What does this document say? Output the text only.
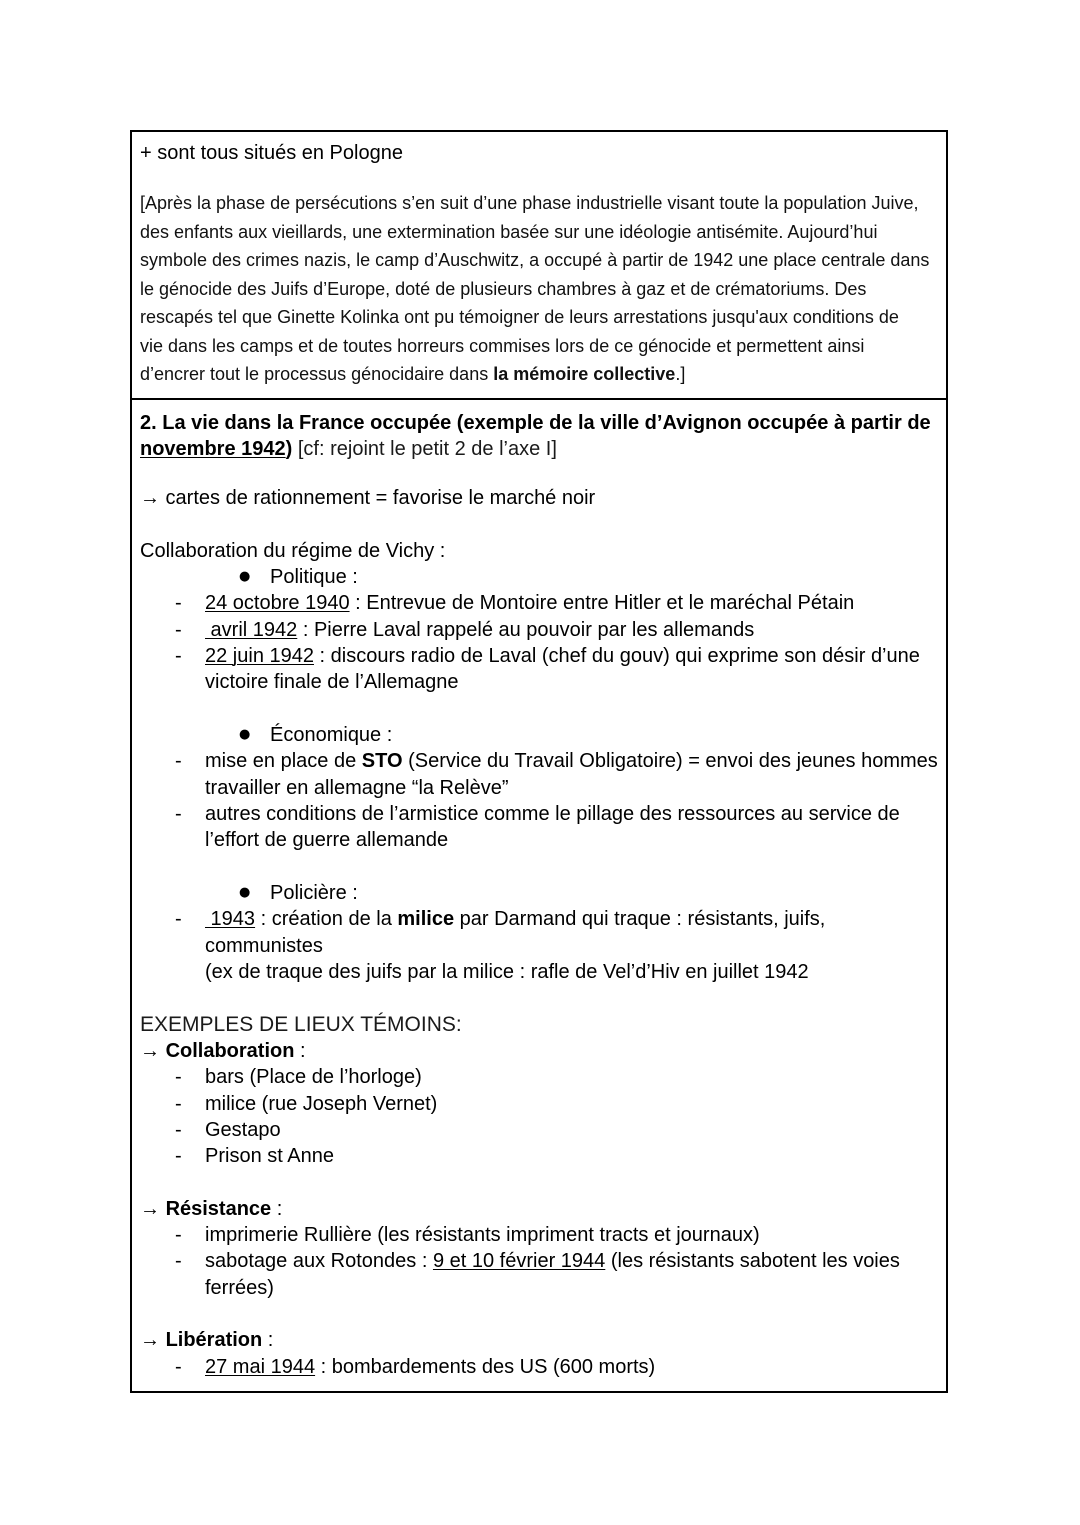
+ sont tous situés en Pologne
[Après la phase de persécutions s’en suit d’une phase industrielle visant toute la population Juive,
des enfants aux vieillards, une extermination basée sur une idéologie antisémite. Aujourd’hui
symbole des crimes nazis, le camp d’Auschwitz, a occupé à partir de 1942 une place centrale dans
le génocide des Juifs d’Europe, doté de plusieurs chambres à gaz et de crématoriums. Des
rescapés tel que Ginette Kolinka ont pu témoigner de leurs arrestations jusqu'aux conditions de
vie dans les camps et de toutes horreurs commises lors de ce génocide et permettent ainsi
d’encrer tout le processus génocidaire dans la mémoire collective.]
2. La vie dans la France occupée (exemple de la ville d’Avignon occupée à partir de
novembre 1942) [cf: rejoint le petit 2 de l’axe I]
→ cartes de rationnement = favorise le marché noir
Collaboration du régime de Vichy :
● Politique :
- 24 octobre 1940 : Entrevue de Montoire entre Hitler et le maréchal Pétain
- avril 1942 : Pierre Laval rappelé au pouvoir par les allemands
- 22 juin 1942 : discours radio de Laval (chef du gouv) qui exprime son désir d’une
victoire finale de l’Allemagne
● Économique :
- mise en place de STO (Service du Travail Obligatoire) = envoi des jeunes hommes
travailler en allemagne “la Relève”
- autres conditions de l’armistice comme le pillage des ressources au service de
l’effort de guerre allemande
● Policière :
- 1943 : création de la milice par Darmand qui traque : résistants, juifs,
communistes
(ex de traque des juifs par la milice : rafle de Vel’d’Hiv en juillet 1942
EXEMPLES DE LIEUX TÉMOINS:
→ Collaboration :
- bars (Place de l’horloge)
- milice (rue Joseph Vernet)
- Gestapo
- Prison st Anne
→ Résistance :
- imprimerie Rullière (les résistants impriment tracts et journaux)
- sabotage aux Rotondes : 9 et 10 février 1944 (les résistants sabotent les voies
ferrées)
→ Libération :
- 27 mai 1944 : bombardements des US (600 morts)
